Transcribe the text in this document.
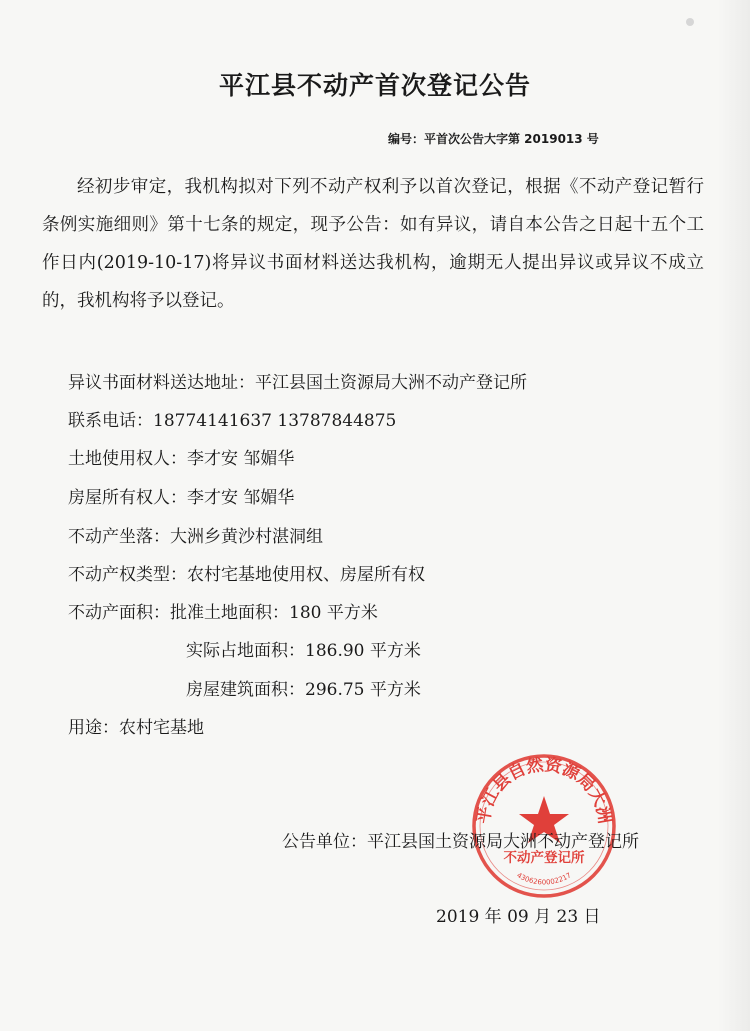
平江县不动产首次登记公告
编号：平首次公告大字第 2019013 号
经初步审定，我机构拟对下列不动产权利予以首次登记，根据《不动产登记暂行条例实施细则》第十七条的规定，现予公告：如有异议，请自本公告之日起十五个工作日内(2019-10-17)将异议书面材料送达我机构，逾期无人提出异议或异议不成立的，我机构将予以登记。
异议书面材料送达地址：平江县国土资源局大洲不动产登记所
联系电话：18774141637 13787844875
土地使用权人：李才安 邹媚华
房屋所有权人：李才安 邹媚华
不动产坐落：大洲乡黄沙村湛洞组
不动产权类型：农村宅基地使用权、房屋所有权
不动产面积：批准土地面积：180 平方米
实际占地面积：186.90 平方米
房屋建筑面积：296.75 平方米
用途：农村宅基地
平江县自然资源局大洲
不动产登记所
4306260002217
公告单位：平江县国土资源局大洲不动产登记所
2019 年 09 月 23 日
